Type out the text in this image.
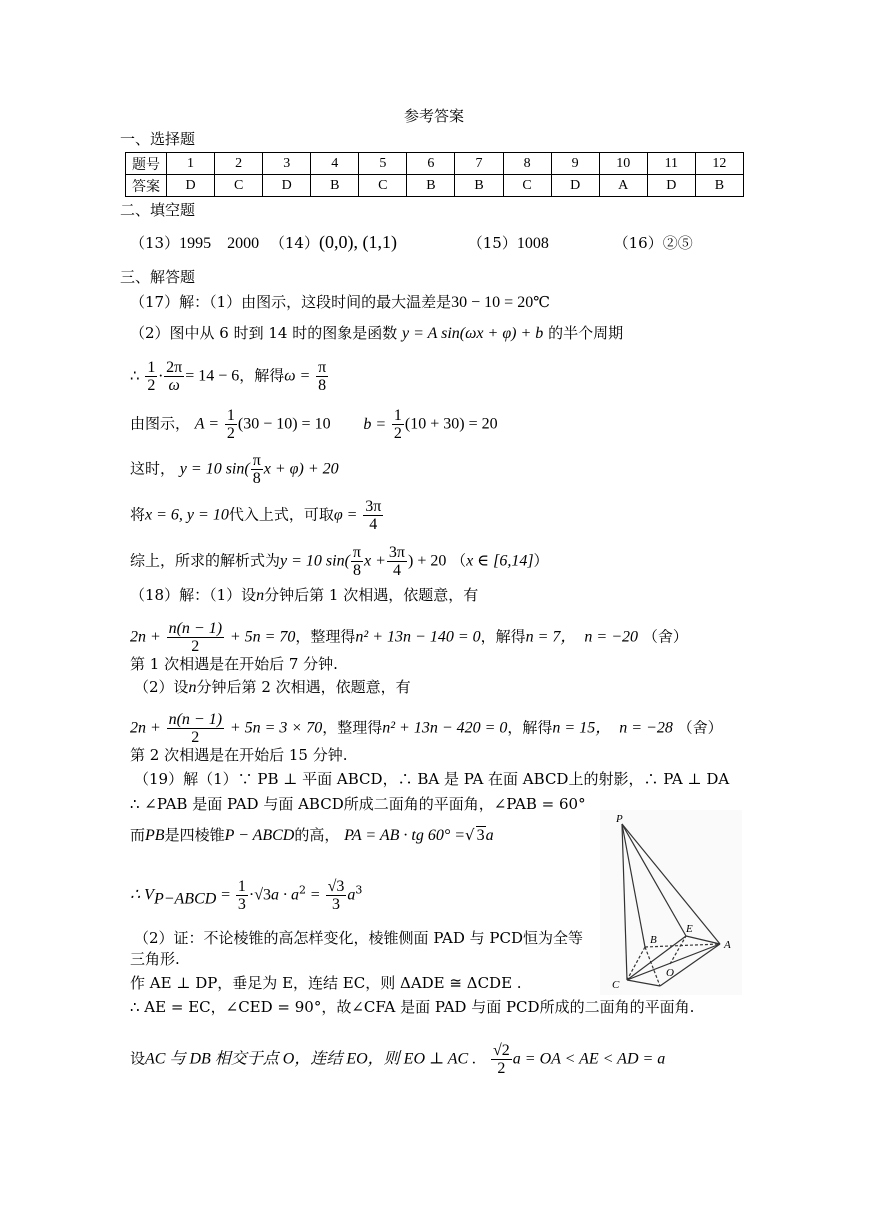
参考答案
一、选择题
题号	1	2	3	4	5	6	7	8	9	10	11	12
答案	D	C	D	B	C	B	B	C	D	A	D	B
二、填空题
（13）1995　2000 （14）(0,0), (1,1)	（15）1008	（16）②⑤
三、解答题
（17）解：（1）由图示，这段时间的最大温差是30 − 10 = 20℃
（2）图中从 6 时到 14 时的图象是函数 y = A sin(ωx + φ) + b 的半个周期
∴ $\frac{1}{2} \cdot \frac{2\pi}{\omega} = 14 - 6$，解得$\omega = \frac{\pi}{8}$
由图示， $A = \frac{1}{2} (30 - 10) = 10$ $b = \frac{1}{2} (10 + 30) = 20$
这时， y = 10 $\sin( \frac{\pi}{8}$ x + φ) + 20
将x = 6, y = 10代入上式，可取$\varphi = \frac{3\pi}{4}$
综上，所求的解析式为y = 10 $\sin( \frac{\pi}{8}$ $x + \frac{3\pi}{4}$ ) + 20 （x ∈ [6,14]）
（18）解：（1）设n分钟后第 1 次相遇，依题意，有
$2n + \frac{n(n - 1)}{2} + 5n = 70$，整理得n² + 13n − 140 = 0，解得n = 7，　n = −20 （舍）
第 1 次相遇是在开始后 7 分钟.
（2）设n分钟后第 2 次相遇，依题意，有
$2n + \frac{n(n - 1)}{2} + 5n = 3 \times 70$，整理得n² + 13n − 420 = 0，解得n = 15，　n = −28 （舍）
第 2 次相遇是在开始后 15 分钟.
（19）解（1）∵ PB ⊥ 平面 ABCD，∴ BA 是 PA 在面 ABCD上的射影，∴ PA ⊥ DA
∴ ∠PAB 是面 PAD 与面 ABCD所成二面角的平面角，∠PAB = 60°
而PB是四棱锥P − ABCD的高， PA = AB · tg 60° =√ 3a
∴ $V_{P-ABCD} = \frac{1}{3} \cdot√3a \cdot a^2 = \frac{√3}{3} a^3$
（2）证：不论棱锥的高怎样变化，棱锥侧面 PAD 与 PCD恒为全等
三角形.
作 AE ⊥ DP，垂足为 E，连结 EC，则 ΔADE ≅ ΔCDE .
∴ AE = EC，∠CED = 90°，故∠CFA 是面 PAD 与面 PCD所成的二面角的平面角.
设AC 与 DB 相交于点 O，连结 EO，则 EO ⊥ AC . $\frac{√2}{2}$ a = OA < AE < AD = a
P
B
E
A
C
O
